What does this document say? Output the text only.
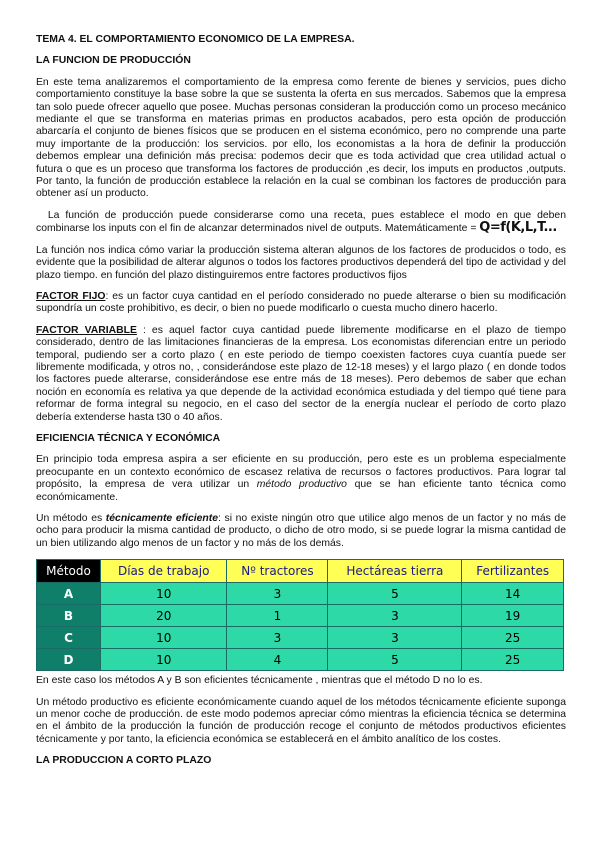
TEMA 4. EL COMPORTAMIENTO ECONOMICO DE LA EMPRESA.
LA FUNCION DE PRODUCCIÓN

En este tema analizaremos el comportamiento de la empresa como ferente de bienes y servicios, pues dicho comportamiento constituye la base sobre la que se sustenta la oferta en sus mercados. Sabemos que la empresa tan solo puede ofrecer aquello que posee. Muchas personas consideran la producción como un proceso mecánico mediante el que se transforma en materias primas en productos acabados, pero esta opción de producción abarcaría el conjunto de bienes físicos que se producen en el sistema económico, pero no comprende una parte muy importante de la producción: los servicios. por ello, los economistas a la hora de definir la producción debemos emplear una definición más precisa: podemos decir que es toda actividad que crea utilidad actual o futura o que es un proceso que transforma los factores de producción ,es decir, los imputs en productos ,outputs. Por tanto, la función de producción establece la relación en la cual se combinan los factores de producción para obtener así un producto.

La función de producción puede considerarse como una receta, pues establece el modo en que deben combinarse los inputs con el fin de alcanzar determinados nivel de outputs. Matemáticamente = Q=f(K,L,T...

La función nos indica cómo variar la producción sistema alteran algunos de los factores de producidos o todo, es evidente que la posibilidad de alterar algunos o todos los factores productivos dependerá del tipo de actividad y del plazo tiempo. en función del plazo distinguiremos entre factores productivos fijos

FACTOR FIJO: es un factor cuya cantidad en el período considerado no puede alterarse o bien su modificación supondría un coste prohibitivo, es decir, o bien no puede modificarlo o cuesta mucho dinero hacerlo.

FACTOR VARIABLE : es aquel factor cuya cantidad puede libremente modificarse en el plazo de tiempo considerado, dentro de las limitaciones financieras de la empresa. Los economistas diferencian entre un periodo temporal, pudiendo ser a corto plazo ( en este periodo de tiempo coexisten factores cuya cuantía puede ser libremente modificada, y otros no, , considerándose este plazo de 12-18 meses) y el largo plazo ( en donde todos los factores puede alterarse, considerándose ese entre más de 18 meses). Pero debemos de saber que echan noción en economía es relativa ya que depende de la actividad económica estudiada y del tiempo qué tiene para reformar de forma integral su negocio, en el caso del sector de la energía nuclear el período de corto plazo debería extenderse hasta t30 o 40 años.

EFICIENCIA TÉCNICA Y ECONÓMICA

En principio toda empresa aspira a ser eficiente en su producción, pero este es un problema especialmente preocupante en un contexto económico de escasez relativa de recursos o factores productivos. Para lograr tal propósito, la empresa de vera utilizar un método productivo que se han eficiente tanto técnica como económicamente.

Un método es técnicamente eficiente: si no existe ningún otro que utilice algo menos de un factor y no más de ocho para producir la misma cantidad de producto, o dicho de otro modo, si se puede lograr la misma cantidad de un bien utilizando algo menos de un factor y no más de los demás.

Método	Días de trabajo	Nº tractores	Hectáreas tierra	Fertilizantes
A	10	3	5	14
B	20	1	3	19
C	10	3	3	25
D	10	4	5	25

En este caso los métodos A y B son eficientes técnicamente , mientras que el método D no lo es.

Un método productivo es eficiente económicamente cuando aquel de los métodos técnicamente eficiente suponga un menor coche de producción. de este modo podemos apreciar cómo mientras la eficiencia técnica se determina en el ámbito de la producción la función de producción recoge el conjunto de métodos productivos eficientes técnicamente y por tanto, la eficiencia económica se establecerá en el ámbito analítico de los costes.

LA PRODUCCION A CORTO PLAZO
